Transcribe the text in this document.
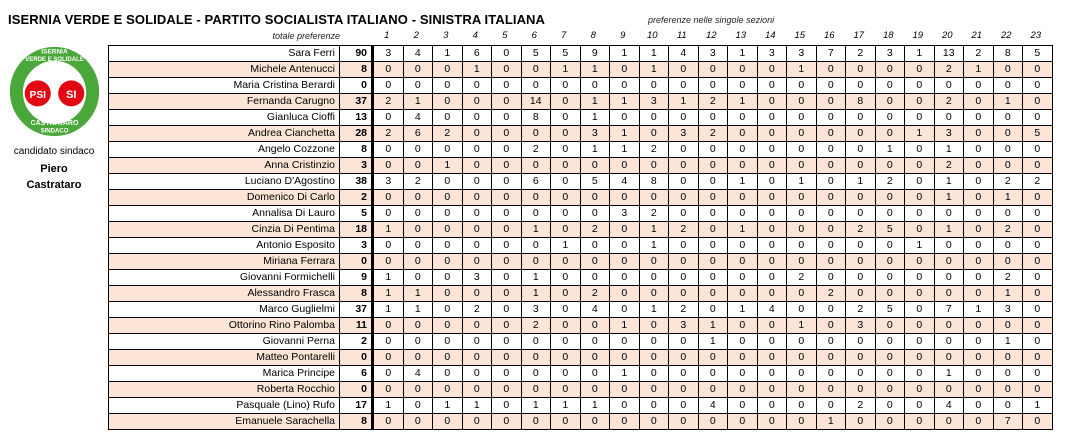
ISERNIA VERDE E SOLIDALE - PARTITO SOCIALISTA ITALIANO - SINISTRA ITALIANA	preferenze nelle singole sezioni
totale preferenze	1	2	3	4	5	6	7	8	9	10	11	12	13	14	15	16	17	18	19	20	21	22	23
ISERNIA
VERDE E SOLIDALE
PSI SI
CASTRATARO
SINDACO
candidato sindaco
Piero
Castrataro
Sara Ferri	90	3	4	1	6	0	5	5	9	1	1	4	3	1	3	3	7	2	3	1	13	2	8	5
Michele Antenucci	8	0	0	0	1	0	0	1	1	0	1	0	0	0	0	1	0	0	0	0	2	1	0	0
Maria Cristina Berardi	0	0	0	0	0	0	0	0	0	0	0	0	0	0	0	0	0	0	0	0	0	0	0	0
Fernanda Carugno	37	2	1	0	0	0	14	0	1	1	3	1	2	1	0	0	0	8	0	0	2	0	1	0
Gianluca Cioffi	13	0	4	0	0	0	8	0	1	0	0	0	0	0	0	0	0	0	0	0	0	0	0	0
Andrea Cianchetta	28	2	6	2	0	0	0	0	3	1	0	3	2	0	0	0	0	0	0	1	3	0	0	5
Angelo Cozzone	8	0	0	0	0	0	2	0	1	1	2	0	0	0	0	0	0	0	1	0	1	0	0	0
Anna Cristinzio	3	0	0	1	0	0	0	0	0	0	0	0	0	0	0	0	0	0	0	0	2	0	0	0
Luciano D'Agostino	38	3	2	0	0	0	6	0	5	4	8	0	0	1	0	1	0	1	2	0	1	0	2	2
Domenico Di Carlo	2	0	0	0	0	0	0	0	0	0	0	0	0	0	0	0	0	0	0	0	1	0	1	0
Annalisa Di Lauro	5	0	0	0	0	0	0	0	0	3	2	0	0	0	0	0	0	0	0	0	0	0	0	0
Cinzia Di Pentima	18	1	0	0	0	0	1	0	2	0	1	2	0	1	0	0	0	2	5	0	1	0	2	0
Antonio Esposito	3	0	0	0	0	0	0	1	0	0	1	0	0	0	0	0	0	0	0	1	0	0	0	0
Miriana Ferrara	0	0	0	0	0	0	0	0	0	0	0	0	0	0	0	0	0	0	0	0	0	0	0	0
Giovanni Formichelli	9	1	0	0	3	0	1	0	0	0	0	0	0	0	0	2	0	0	0	0	0	0	2	0
Alessandro Frasca	8	1	1	0	0	0	1	0	2	0	0	0	0	0	0	0	2	0	0	0	0	0	1	0
Marco Guglielmi	37	1	1	0	2	0	3	0	4	0	1	2	0	1	4	0	0	2	5	0	7	1	3	0
Ottorino Rino Palomba	11	0	0	0	0	0	2	0	0	1	0	3	1	0	0	1	0	3	0	0	0	0	0	0
Giovanni Perna	2	0	0	0	0	0	0	0	0	0	0	0	1	0	0	0	0	0	0	0	0	0	1	0
Matteo Pontarelli	0	0	0	0	0	0	0	0	0	0	0	0	0	0	0	0	0	0	0	0	0	0	0	0
Marica Principe	6	0	4	0	0	0	0	0	0	1	0	0	0	0	0	0	0	0	0	0	1	0	0	0
Roberta Rocchio	0	0	0	0	0	0	0	0	0	0	0	0	0	0	0	0	0	0	0	0	0	0	0	0
Pasquale (Lino) Rufo	17	1	0	1	1	0	1	1	1	0	0	0	4	0	0	0	0	2	0	0	4	0	0	1
Emanuele Sarachella	8	0	0	0	0	0	0	0	0	0	0	0	0	0	0	0	1	0	0	0	0	0	7	0
